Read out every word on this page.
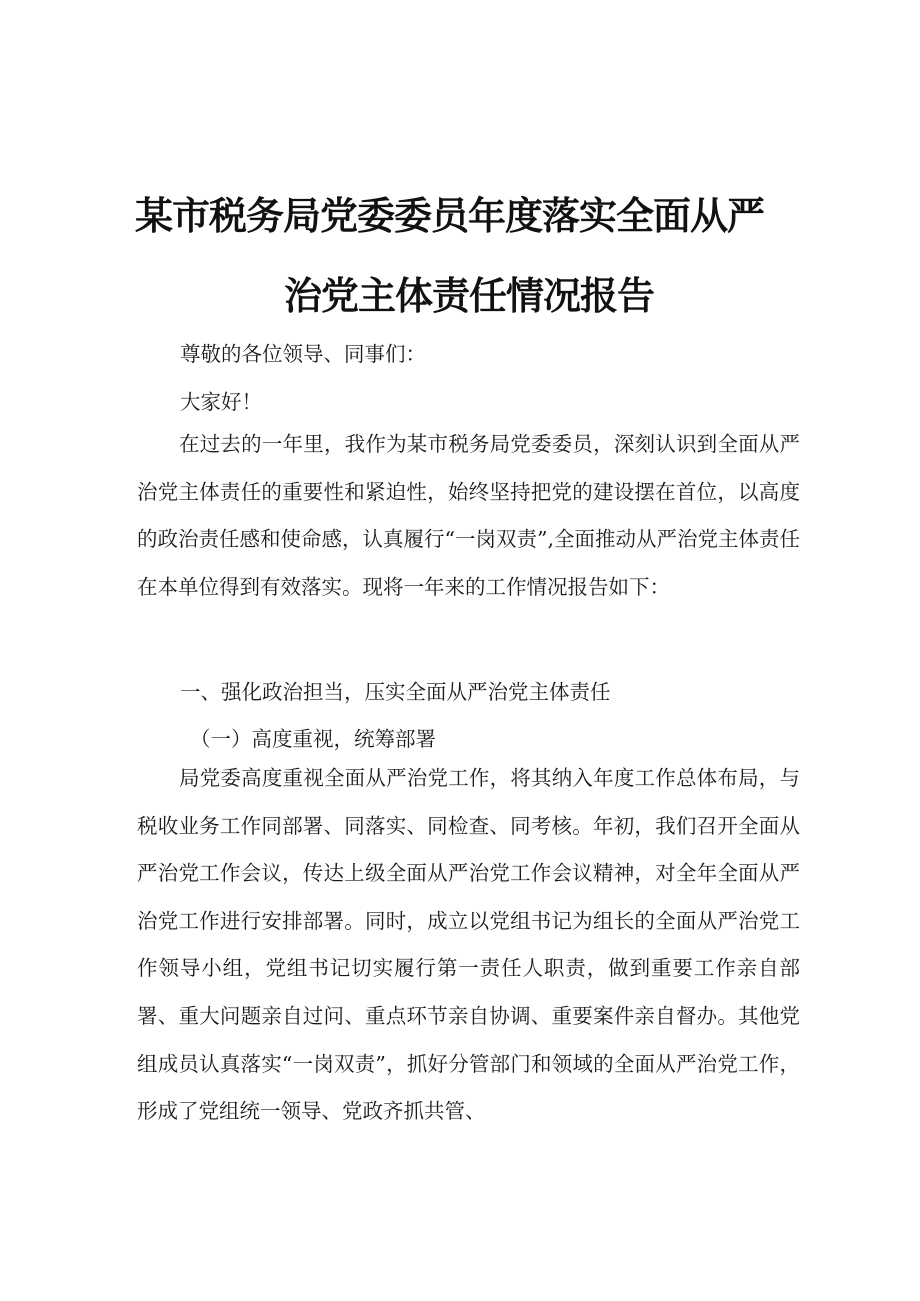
某市税务局党委委员年度落实全面从严
治党主体责任情况报告
尊敬的各位领导、同事们：
大家好！
在过去的一年里，我作为某市税务局党委委员，深刻认识到全面从严治党主体责任的重要性和紧迫性，始终坚持把党的建设摆在首位，以高度的政治责任感和使命感，认真履行“一岗双责”,全面推动从严治党主体责任在本单位得到有效落实。现将一年来的工作情况报告如下：
一、强化政治担当，压实全面从严治党主体责任
（一）高度重视，统筹部署
局党委高度重视全面从严治党工作，将其纳入年度工作总体布局，与税收业务工作同部署、同落实、同检查、同考核。年初，我们召开全面从严治党工作会议，传达上级全面从严治党工作会议精神，对全年全面从严治党工作进行安排部署。同时，成立以党组书记为组长的全面从严治党工作领导小组，党组书记切实履行第一责任人职责，做到重要工作亲自部署、重大问题亲自过问、重点环节亲自协调、重要案件亲自督办。其他党组成员认真落实“一岗双责”，抓好分管部门和领域的全面从严治党工作，形成了党组统一领导、党政齐抓共管、
